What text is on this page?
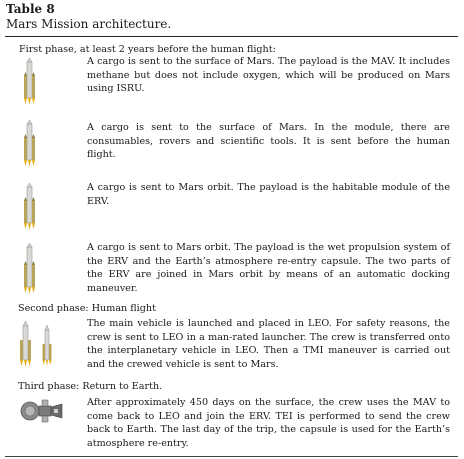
Table 8
Mars Mission architecture.
First phase, at least 2 years before the human flight:

A cargo is sent to the surface of Mars. The payload is the MAV. It includes methane but does not include oxygen, which will be produced on Mars using ISRU.

A cargo is sent to the surface of Mars. In the module, there are consumables, rovers and scientific tools. It is sent before the human flight.

A cargo is sent to Mars orbit. The payload is the habitable module of the ERV.

A cargo is sent to Mars orbit. The payload is the wet propulsion system of the ERV and the Earth’s atmosphere re-entry capsule. The two parts of the ERV are joined in Mars orbit by means of an automatic docking maneuver.

Second phase: Human flight

The main vehicle is launched and placed in LEO. For safety reasons, the crew is sent to LEO in a man-rated launcher. The crew is transferred onto the interplanetary vehicle in LEO. Then a TMI maneuver is carried out and the crewed vehicle is sent to Mars.

Third phase: Return to Earth.

After approximately 450 days on the surface, the crew uses the MAV to come back to LEO and join the ERV. TEI is performed to send the crew back to Earth. The last day of the trip, the capsule is used for the Earth’s atmosphere re-entry.
